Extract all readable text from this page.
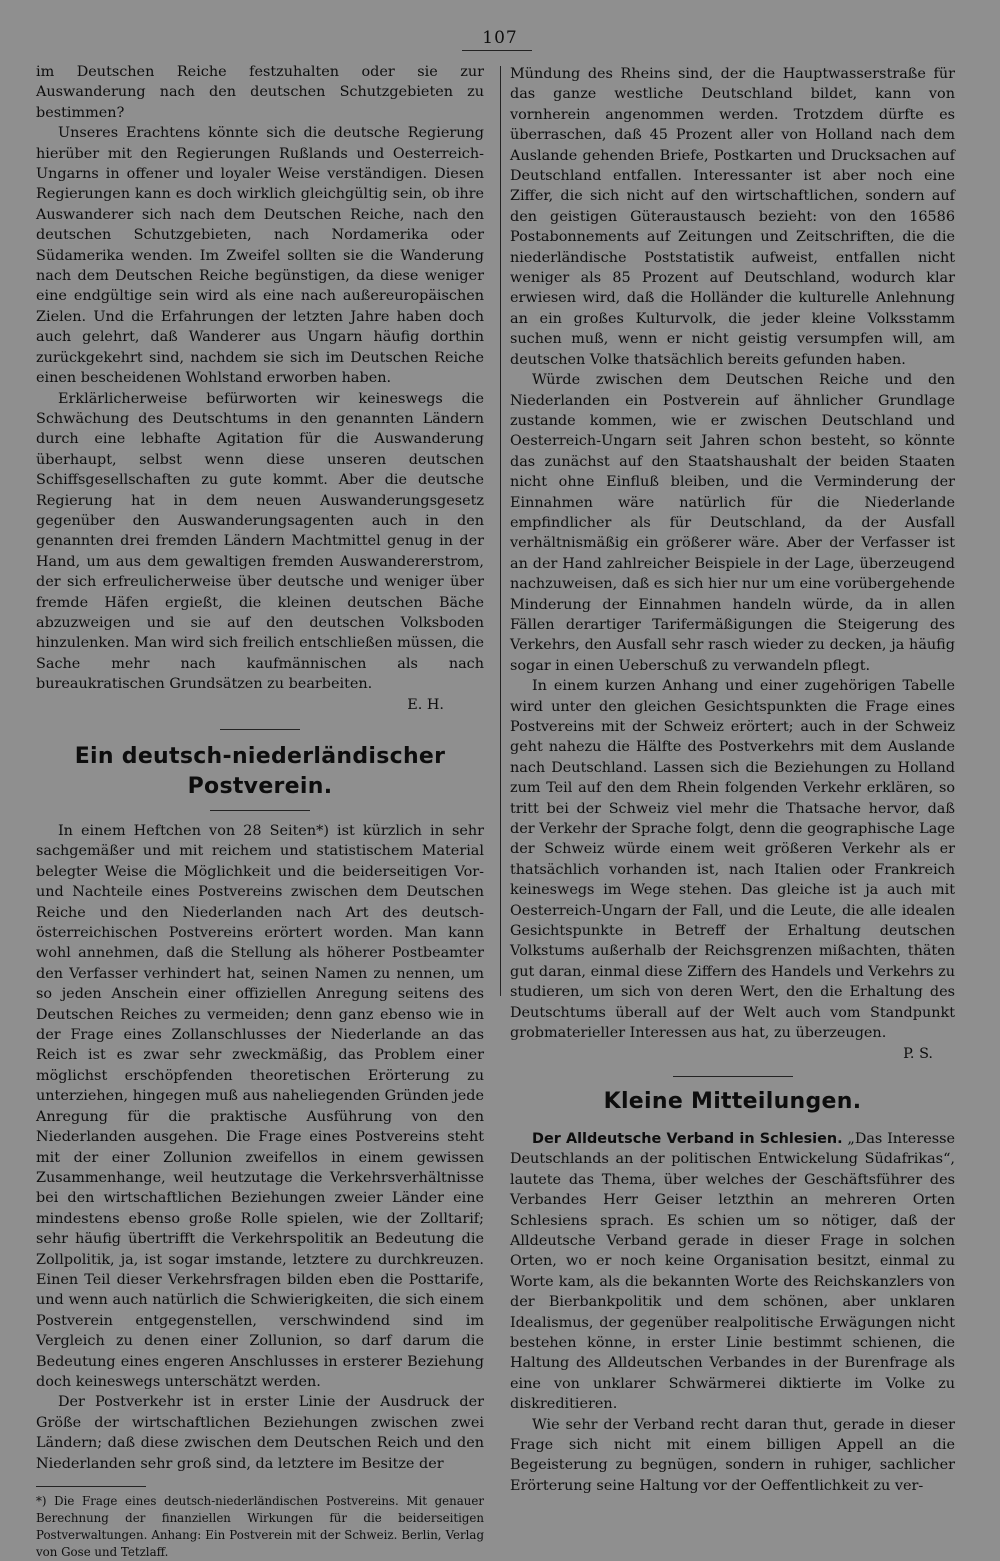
107

im Deutschen Reiche festzuhalten oder sie zur Auswanderung nach den deutschen Schutzgebieten zu bestimmen?

Unseres Erachtens könnte sich die deutsche Regierung hierüber mit den Regierungen Rußlands und Oesterreich-Ungarns in offener und loyaler Weise verständigen. Diesen Regierungen kann es doch wirklich gleichgültig sein, ob ihre Auswanderer sich nach dem Deutschen Reiche, nach den deutschen Schutzgebieten, nach Nordamerika oder Südamerika wenden. Im Zweifel sollten sie die Wanderung nach dem Deutschen Reiche begünstigen, da diese weniger eine endgültige sein wird als eine nach außereuropäischen Zielen. Und die Erfahrungen der letzten Jahre haben doch auch gelehrt, daß Wanderer aus Ungarn häufig dorthin zurückgekehrt sind, nachdem sie sich im Deutschen Reiche einen bescheidenen Wohlstand erworben haben.

Erklärlicherweise befürworten wir keineswegs die Schwächung des Deutschtums in den genannten Ländern durch eine lebhafte Agitation für die Auswanderung überhaupt, selbst wenn diese unseren deutschen Schiffsgesellschaften zu gute kommt. Aber die deutsche Regierung hat in dem neuen Auswanderungsgesetz gegenüber den Auswanderungsagenten auch in den genannten drei fremden Ländern Machtmittel genug in der Hand, um aus dem gewaltigen fremden Auswandererstrom, der sich erfreulicherweise über deutsche und weniger über fremde Häfen ergießt, die kleinen deutschen Bäche abzuzweigen und sie auf den deutschen Volksboden hinzulenken. Man wird sich freilich entschließen müssen, die Sache mehr nach kaufmännischen als nach bureaukratischen Grundsätzen zu bearbeiten.

E. H.
Ein deutsch-niederländischer Postverein.

In einem Heftchen von 28 Seiten*) ist kürzlich in sehr sachgemäßer und mit reichem und statistischem Material belegter Weise die Möglichkeit und die beiderseitigen Vor- und Nachteile eines Postvereins zwischen dem Deutschen Reiche und den Niederlanden nach Art des deutsch-österreichischen Postvereins erörtert worden. Man kann wohl annehmen, daß die Stellung als höherer Postbeamter den Verfasser verhindert hat, seinen Namen zu nennen, um so jeden Anschein einer offiziellen Anregung seitens des Deutschen Reiches zu vermeiden; denn ganz ebenso wie in der Frage eines Zollanschlusses der Niederlande an das Reich ist es zwar sehr zweckmäßig, das Problem einer möglichst erschöpfenden theoretischen Erörterung zu unterziehen, hingegen muß aus naheliegenden Gründen jede Anregung für die praktische Ausführung von den Niederlanden ausgehen. Die Frage eines Postvereins steht mit der einer Zollunion zweifellos in einem gewissen Zusammenhange, weil heutzutage die Verkehrsverhältnisse bei den wirtschaftlichen Beziehungen zweier Länder eine mindestens ebenso große Rolle spielen, wie der Zolltarif; sehr häufig übertrifft die Verkehrspolitik an Bedeutung die Zollpolitik, ja, ist sogar imstande, letztere zu durchkreuzen. Einen Teil dieser Verkehrsfragen bilden eben die Posttarife, und wenn auch natürlich die Schwierigkeiten, die sich einem Postverein entgegenstellen, verschwindend sind im Vergleich zu denen einer Zollunion, so darf darum die Bedeutung eines engeren Anschlusses in ersterer Beziehung doch keineswegs unterschätzt werden.

Der Postverkehr ist in erster Linie der Ausdruck der Größe der wirtschaftlichen Beziehungen zwischen zwei Ländern; daß diese zwischen dem Deutschen Reich und den Niederlanden sehr groß sind, da letztere im Besitze der

*) Die Frage eines deutsch-niederländischen Postvereins. Mit genauer Berechnung der finanziellen Wirkungen für die beiderseitigen Postverwaltungen. Anhang: Ein Postverein mit der Schweiz. Berlin, Verlag von Gose und Tetzlaff.

Mündung des Rheins sind, der die Hauptwasserstraße für das ganze westliche Deutschland bildet, kann von vornherein angenommen werden. Trotzdem dürfte es überraschen, daß 45 Prozent aller von Holland nach dem Auslande gehenden Briefe, Postkarten und Drucksachen auf Deutschland entfallen. Interessanter ist aber noch eine Ziffer, die sich nicht auf den wirtschaftlichen, sondern auf den geistigen Güteraustausch bezieht: von den 16586 Postabonnements auf Zeitungen und Zeitschriften, die die niederländische Poststatistik aufweist, entfallen nicht weniger als 85 Prozent auf Deutschland, wodurch klar erwiesen wird, daß die Holländer die kulturelle Anlehnung an ein großes Kulturvolk, die jeder kleine Volksstamm suchen muß, wenn er nicht geistig versumpfen will, am deutschen Volke thatsächlich bereits gefunden haben.

Würde zwischen dem Deutschen Reiche und den Niederlanden ein Postverein auf ähnlicher Grundlage zustande kommen, wie er zwischen Deutschland und Oesterreich-Ungarn seit Jahren schon besteht, so könnte das zunächst auf den Staatshaushalt der beiden Staaten nicht ohne Einfluß bleiben, und die Verminderung der Einnahmen wäre natürlich für die Niederlande empfindlicher als für Deutschland, da der Ausfall verhältnismäßig ein größerer wäre. Aber der Verfasser ist an der Hand zahlreicher Beispiele in der Lage, überzeugend nachzuweisen, daß es sich hier nur um eine vorübergehende Minderung der Einnahmen handeln würde, da in allen Fällen derartiger Tarifermäßigungen die Steigerung des Verkehrs, den Ausfall sehr rasch wieder zu decken, ja häufig sogar in einen Ueberschuß zu verwandeln pflegt.

In einem kurzen Anhang und einer zugehörigen Tabelle wird unter den gleichen Gesichtspunkten die Frage eines Postvereins mit der Schweiz erörtert; auch in der Schweiz geht nahezu die Hälfte des Postverkehrs mit dem Auslande nach Deutschland. Lassen sich die Beziehungen zu Holland zum Teil auf den dem Rhein folgenden Verkehr erklären, so tritt bei der Schweiz viel mehr die Thatsache hervor, daß der Verkehr der Sprache folgt, denn die geographische Lage der Schweiz würde einem weit größeren Verkehr als er thatsächlich vorhanden ist, nach Italien oder Frankreich keineswegs im Wege stehen. Das gleiche ist ja auch mit Oesterreich-Ungarn der Fall, und die Leute, die alle idealen Gesichtspunkte in Betreff der Erhaltung deutschen Volkstums außerhalb der Reichsgrenzen mißachten, thäten gut daran, einmal diese Ziffern des Handels und Verkehrs zu studieren, um sich von deren Wert, den die Erhaltung des Deutschtums überall auf der Welt auch vom Standpunkt grobmaterieller Interessen aus hat, zu überzeugen.

P. S.
Kleine Mitteilungen.

Der Alldeutsche Verband in Schlesien. „Das Interesse Deutschlands an der politischen Entwickelung Südafrikas“, lautete das Thema, über welches der Geschäftsführer des Verbandes Herr Geiser letzthin an mehreren Orten Schlesiens sprach. Es schien um so nötiger, daß der Alldeutsche Verband gerade in dieser Frage in solchen Orten, wo er noch keine Organisation besitzt, einmal zu Worte kam, als die bekannten Worte des Reichskanzlers von der Bierbankpolitik und dem schönen, aber unklaren Idealismus, der gegenüber realpolitische Erwägungen nicht bestehen könne, in erster Linie bestimmt schienen, die Haltung des Alldeutschen Verbandes in der Burenfrage als eine von unklarer Schwärmerei diktierte im Volke zu diskreditieren.

Wie sehr der Verband recht daran thut, gerade in dieser Frage sich nicht mit einem billigen Appell an die Begeisterung zu begnügen, sondern in ruhiger, sachlicher Erörterung seine Haltung vor der Oeffentlichkeit zu ver-
